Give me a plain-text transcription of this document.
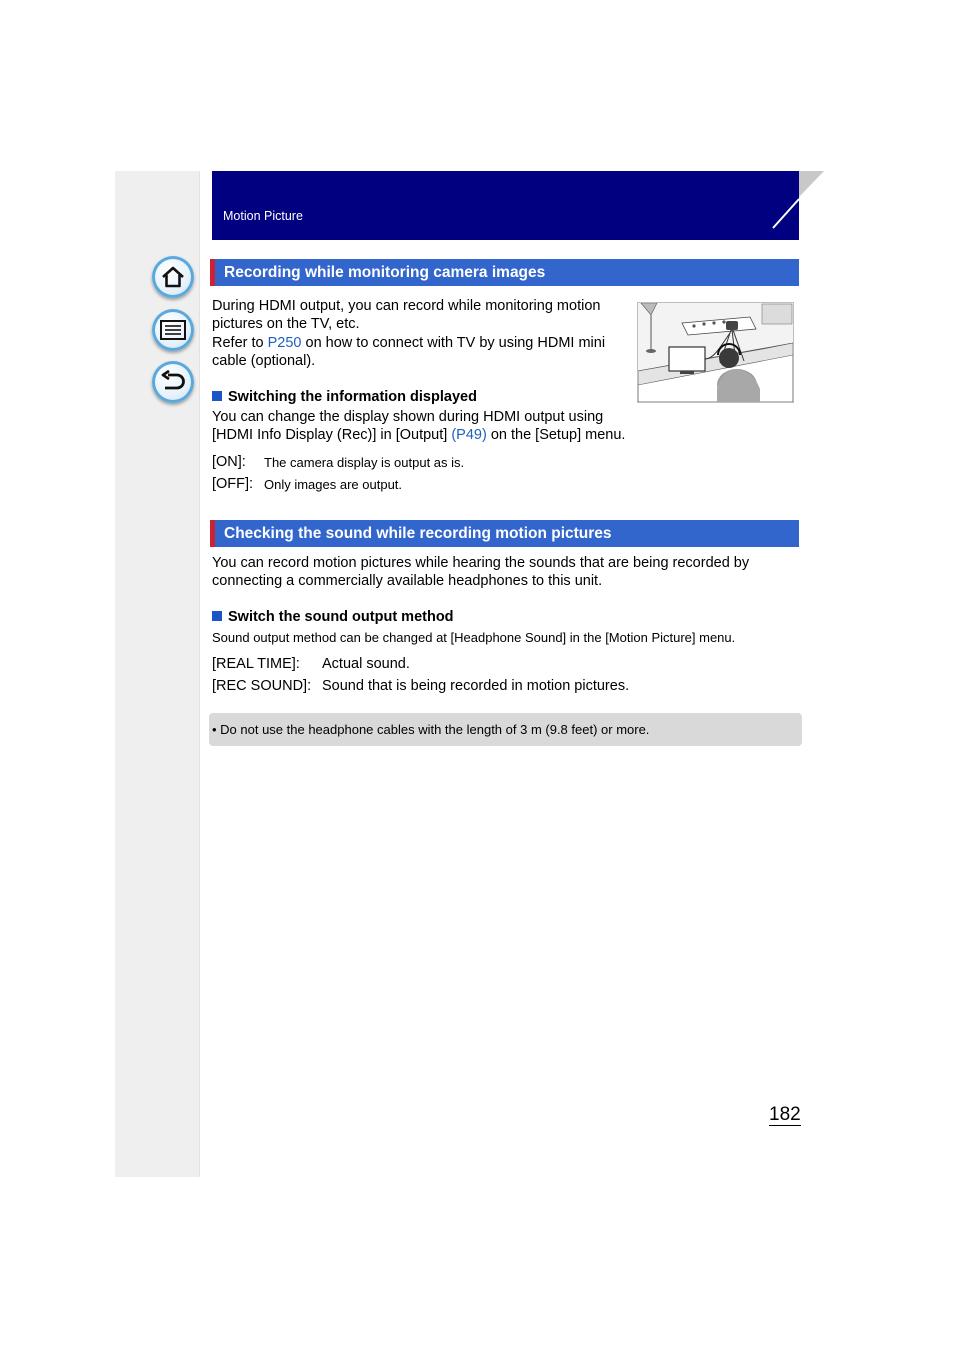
Motion Picture
Recording while monitoring camera images

During HDMI output, you can record while monitoring motion

pictures on the TV, etc.

Refer to P250 on how to connect with TV by using HDMI mini

cable (optional).

Switching the information displayed

You can change the display shown during HDMI output using

[HDMI Info Display (Rec)] in [Output] (P49) on the [Setup] menu.

[ON]: The camera display is output as is.
[OFF]: Only images are output.
Checking the sound while recording motion pictures

You can record motion pictures while hearing the sounds that are being recorded by

connecting a commercially available headphones to this unit.

Switch the sound output method

Sound output method can be changed at [Headphone Sound] in the [Motion Picture] menu.

[REAL TIME]: Actual sound.
[REC SOUND]: Sound that is being recorded in motion pictures.
• Do not use the headphone cables with the length of 3 m (9.8 feet) or more.
182
